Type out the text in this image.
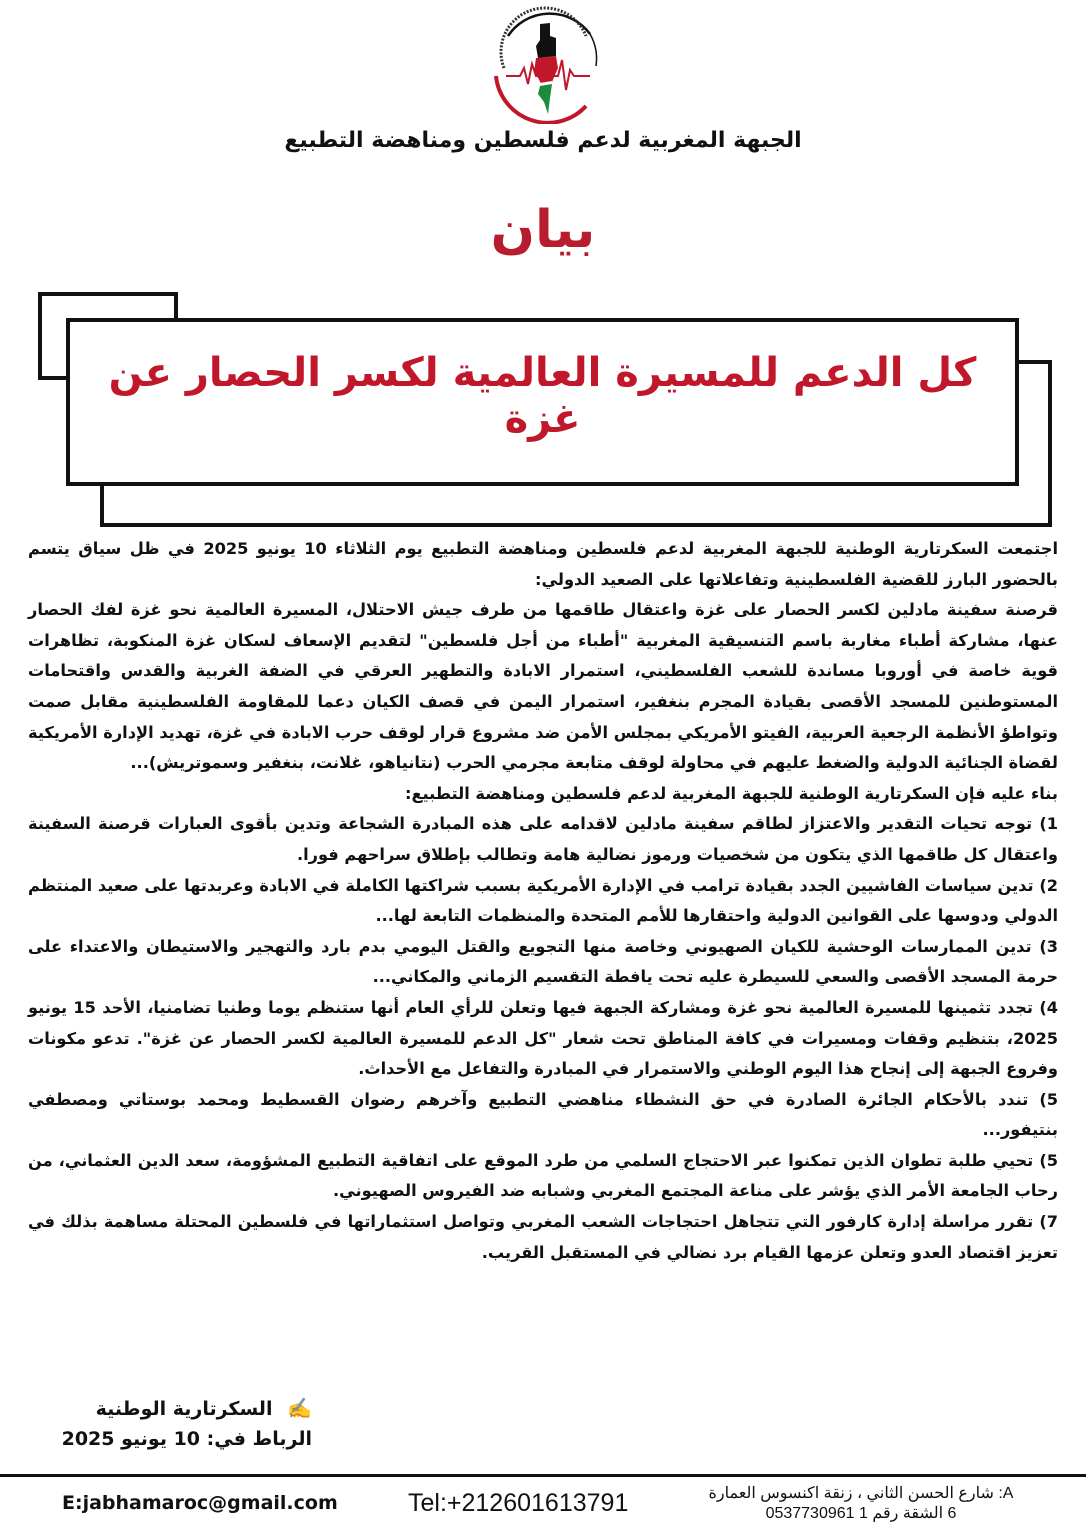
الجبهة المغربية لدعم فلسطين ومناهضة التطبيع
بيان
كل الدعم للمسيرة العالمية لكسر الحصار عن غزة

اجتمعت السكرتارية الوطنية للجبهة المغربية لدعم فلسطين ومناهضة التطبيع يوم الثلاثاء 10 يونيو 2025 في ظل سياق يتسم بالحضور البارز للقضية الفلسطينية وتفاعلاتها على الصعيد الدولي:

قرصنة سفينة مادلين لكسر الحصار على غزة واعتقال طاقمها من طرف جيش الاحتلال، المسيرة العالمية نحو غزة لفك الحصار عنها، مشاركة أطباء مغاربة باسم التنسيقية المغربية "أطباء من أجل فلسطين" لتقديم الإسعاف لسكان غزة المنكوبة، تظاهرات قوية خاصة في أوروبا مساندة للشعب الفلسطيني، استمرار الابادة والتطهير العرقي في الضفة الغربية والقدس واقتحامات المستوطنين للمسجد الأقصى بقيادة المجرم بنغفير، استمرار اليمن في قصف الكيان دعما للمقاومة الفلسطينية مقابل صمت وتواطؤ الأنظمة الرجعية العربية، الفيتو الأمريكي بمجلس الأمن ضد مشروع قرار لوقف حرب الابادة في غزة، تهديد الإدارة الأمريكية لقضاة الجنائية الدولية والضغط عليهم في محاولة لوقف متابعة مجرمي الحرب (نتانياهو، غلانت، بنغفير وسموتريش)...

بناء عليه فإن السكرتارية الوطنية للجبهة المغربية لدعم فلسطين ومناهضة التطبيع:

1) توجه تحيات التقدير والاعتزاز لطاقم سفينة مادلين لاقدامه على هذه المبادرة الشجاعة وتدين بأقوى العبارات قرصنة السفينة واعتقال كل طاقمها الذي يتكون من شخصيات ورموز نضالية هامة وتطالب بإطلاق سراحهم فورا.

2) تدين سياسات الفاشيين الجدد بقيادة ترامب في الإدارة الأمريكية بسبب شراكتها الكاملة في الابادة وعربدتها على صعيد المنتظم الدولي ودوسها على القوانين الدولية واحتقارها للأمم المتحدة والمنظمات التابعة لها...

3) تدين الممارسات الوحشية للكيان الصهيوني وخاصة منها التجويع والقتل اليومي بدم بارد والتهجير والاستيطان والاعتداء على حرمة المسجد الأقصى والسعي للسيطرة عليه تحت يافطة التقسيم الزماني والمكاني...

4) تجدد تثمينها للمسيرة العالمية نحو غزة ومشاركة الجبهة فيها وتعلن للرأي العام أنها ستنظم يوما وطنيا تضامنيا، الأحد 15 يونيو 2025، بتنظيم وقفات ومسيرات في كافة المناطق تحت شعار "كل الدعم للمسيرة العالمية لكسر الحصار عن غزة". تدعو مكونات وفروع الجبهة إلى إنجاح هذا اليوم الوطني والاستمرار في المبادرة والتفاعل مع الأحداث.

5) تندد بالأحكام الجائرة الصادرة في حق النشطاء مناهضي التطبيع وآخرهم رضوان القسطيط ومحمد بوستاتي ومصطفي بنتيفور...

5) تحيي طلبة تطوان الذين تمكنوا عبر الاحتجاج السلمي من طرد الموقع على اتفاقية التطبيع المشؤومة، سعد الدين العثماني، من رحاب الجامعة الأمر الذي يؤشر على مناعة المجتمع المغربي وشبابه ضد الفيروس الصهيوني.

7) تقرر مراسلة إدارة كارفور التي تتجاهل احتجاجات الشعب المغربي وتواصل استثماراتها في فلسطين المحتلة مساهمة بذلك في تعزيز اقتصاد العدو وتعلن عزمها القيام برد نضالي في المستقبل القريب.

✍️ السكرتارية الوطنية
الرباط في: 10 يونيو 2025
E:jabhamaroc@gmail.com	Tel:+212601613791	A: شارع الحسن الثاني ، زنقة اكنسوس العمارة
6 الشقة رقم 1 0537730961
